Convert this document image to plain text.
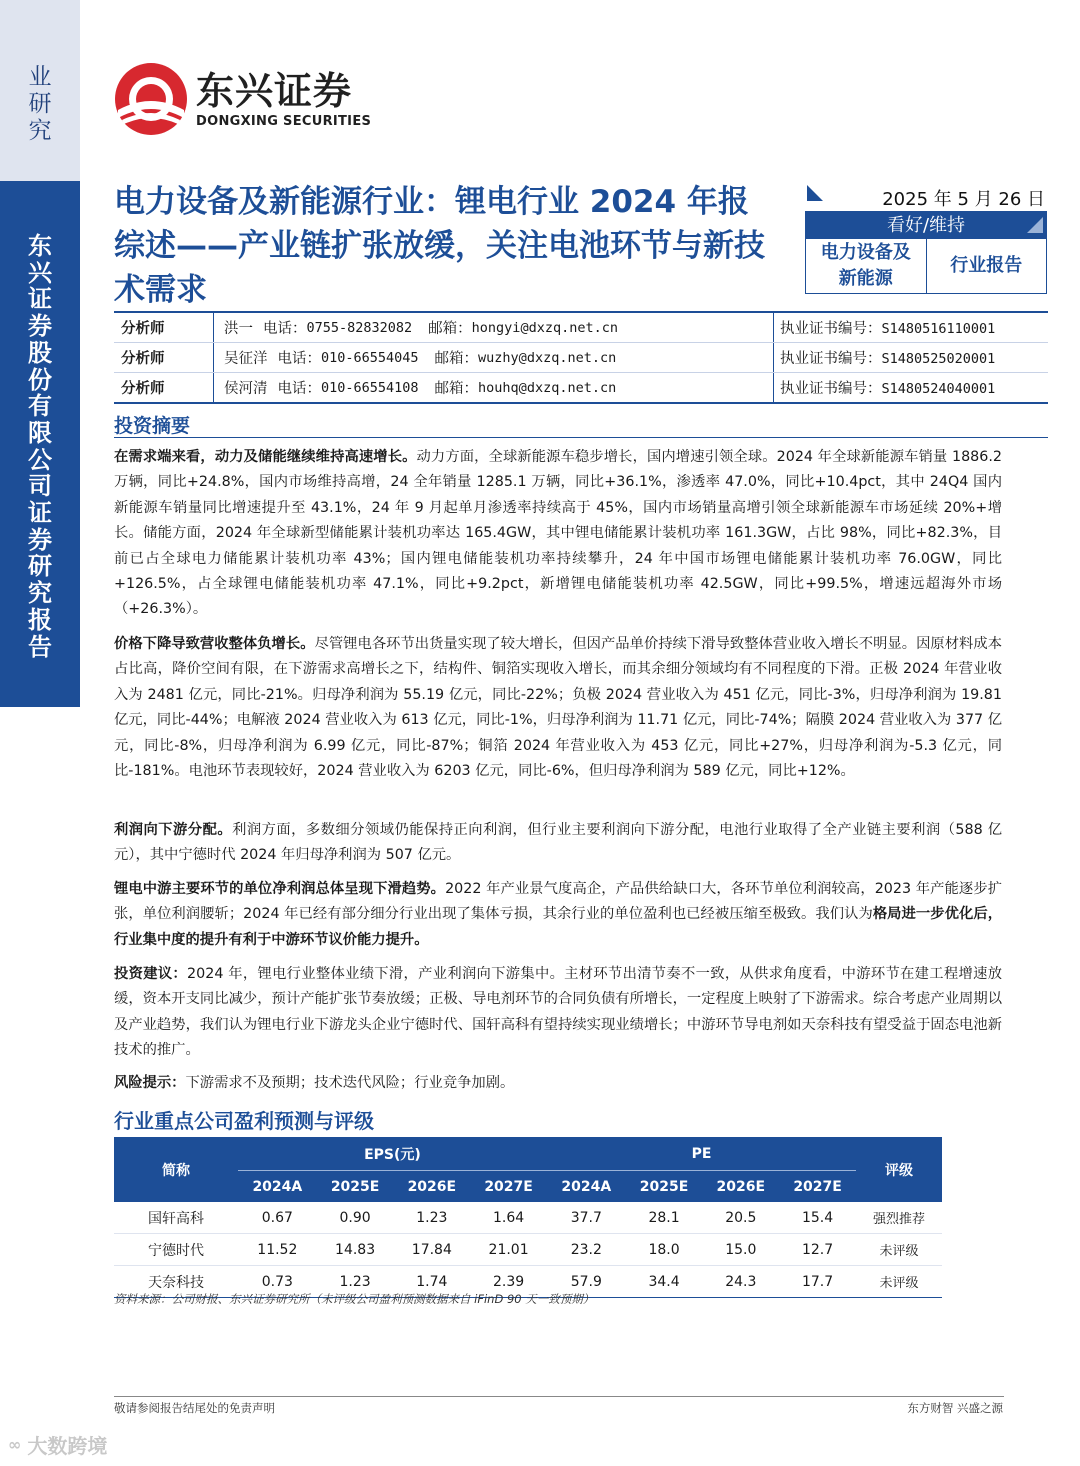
业
研
究
东
兴
证
券
股
份
有
限
公
司
证
券
研
究
报
告
东兴证券
DONGXING SECURITIES
电力设备及新能源行业：锂电行业 2024 年报综述——产业链扩张放缓，关注电池环节与新技术需求
2025 年 5 月 26 日
看好/维持
电力设备及新能源
行业报告
分析师	洪一 电话： 0755-82832082 邮箱： hongyi@dxzq.net.cn	执业证书编号：S1480516110001
分析师	吴征洋 电话： 010-66554045 邮箱： wuzhy@dxzq.net.cn	执业证书编号：S1480525020001
分析师	侯河清 电话： 010-66554108 邮箱： houhq@dxzq.net.cn	执业证书编号：S1480524040001
投资摘要
在需求端来看，动力及储能继续维持高速增长。动力方面，全球新能源车稳步增长，国内增速引领全球。2024 年全球新能源车销量 1886.2 万辆，同比+24.8%，国内市场维持高增，24 全年销量 1285.1 万辆，同比+36.1%，渗透率 47.0%，同比+10.4pct，其中 24Q4 国内新能源车销量同比增速提升至 43.1%，24 年 9 月起单月渗透率持续高于 45%，国内市场销量高增引领全球新能源车市场延续 20%+增长。储能方面，2024 年全球新型储能累计装机功率达 165.4GW，其中锂电储能累计装机功率 161.3GW，占比 98%，同比+82.3%，目前已占全球电力储能累计装机功率 43%；国内锂电储能装机功率持续攀升，24 年中国市场锂电储能累计装机功率 76.0GW，同比+126.5%，占全球锂电储能装机功率 47.1%，同比+9.2pct，新增锂电储能装机功率 42.5GW，同比+99.5%，增速远超海外市场（+26.3%）。
价格下降导致营收整体负增长。尽管锂电各环节出货量实现了较大增长，但因产品单价持续下滑导致整体营业收入增长不明显。因原材料成本占比高，降价空间有限，在下游需求高增长之下，结构件、铜箔实现收入增长，而其余细分领域均有不同程度的下滑。正极 2024 年营业收入为 2481 亿元，同比-21%。归母净利润为 55.19 亿元，同比-22%；负极 2024 营业收入为 451 亿元，同比-3%，归母净利润为 19.81 亿元，同比-44%；电解液 2024 营业收入为 613 亿元，同比-1%，归母净利润为 11.71 亿元，同比-74%；隔膜 2024 营业收入为 377 亿元，同比-8%，归母净利润为 6.99 亿元，同比-87%；铜箔 2024 年营业收入为 453 亿元，同比+27%，归母净利润为-5.3 亿元，同比-181%。电池环节表现较好，2024 营业收入为 6203 亿元，同比-6%，但归母净利润为 589 亿元，同比+12%。
利润向下游分配。利润方面，多数细分领域仍能保持正向利润，但行业主要利润向下游分配，电池行业取得了全产业链主要利润（588 亿元），其中宁德时代 2024 年归母净利润为 507 亿元。
锂电中游主要环节的单位净利润总体呈现下滑趋势。2022 年产业景气度高企，产品供给缺口大，各环节单位利润较高，2023 年产能逐步扩张，单位利润腰斩；2024 年已经有部分细分行业出现了集体亏损，其余行业的单位盈利也已经被压缩至极致。我们认为格局进一步优化后，行业集中度的提升有利于中游环节议价能力提升。
投资建议：2024 年，锂电行业整体业绩下滑，产业利润向下游集中。主材环节出清节奏不一致，从供求角度看，中游环节在建工程增速放缓，资本开支同比减少，预计产能扩张节奏放缓；正极、导电剂环节的合同负债有所增长，一定程度上映射了下游需求。综合考虑产业周期以及产业趋势，我们认为锂电行业下游龙头企业宁德时代、国轩高科有望持续实现业绩增长；中游环节导电剂如天奈科技有望受益于固态电池新技术的推广。
风险提示：下游需求不及预期；技术迭代风险；行业竞争加剧。
行业重点公司盈利预测与评级
简称	EPS(元)				PE				评级
	2024A	2025E	2026E	2027E	2024A	2025E	2026E	2027E	
国轩高科	0.67	0.90	1.23	1.64	37.7	28.1	20.5	15.4	强烈推荐
宁德时代	11.52	14.83	17.84	21.01	23.2	18.0	15.0	12.7	未评级
天奈科技	0.73	1.23	1.74	2.39	57.9	34.4	24.3	17.7	未评级
资料来源：公司财报、东兴证券研究所（未评级公司盈利预测数据来自 iFinD 90 天一致预期）
敬请参阅报告结尾处的免责声明	东方财智 兴盛之源
∞ 大数跨境
